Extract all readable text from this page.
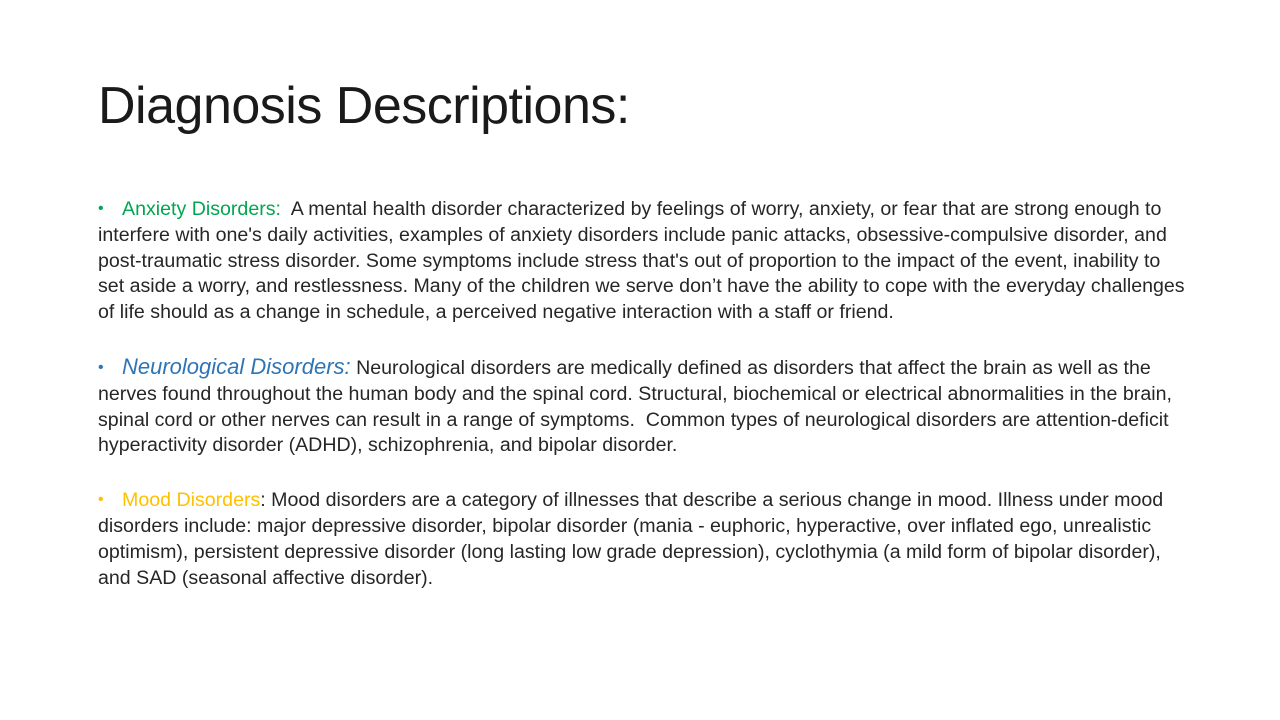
Diagnosis Descriptions:

• Anxiety Disorders:  A mental health disorder characterized by feelings of worry, anxiety, or fear that are strong enough to interfere with one's daily activities, examples of anxiety disorders include panic attacks, obsessive-compulsive disorder, and post-traumatic stress disorder. Some symptoms include stress that's out of proportion to the impact of the event, inability to set aside a worry, and restlessness. Many of the children we serve don’t have the ability to cope with the everyday challenges of life should as a change in schedule, a perceived negative interaction with a staff or friend.

• Neurological Disorders: Neurological disorders are medically defined as disorders that affect the brain as well as the nerves found throughout the human body and the spinal cord. Structural, biochemical or electrical abnormalities in the brain, spinal cord or other nerves can result in a range of symptoms.  Common types of neurological disorders are attention-deficit hyperactivity disorder (ADHD), schizophrenia, and bipolar disorder.

• Mood Disorders: Mood disorders are a category of illnesses that describe a serious change in mood. Illness under mood disorders include: major depressive disorder, bipolar disorder (mania - euphoric, hyperactive, over inflated ego, unrealistic optimism), persistent depressive disorder (long lasting low grade depression), cyclothymia (a mild form of bipolar disorder), and SAD (seasonal affective disorder).
